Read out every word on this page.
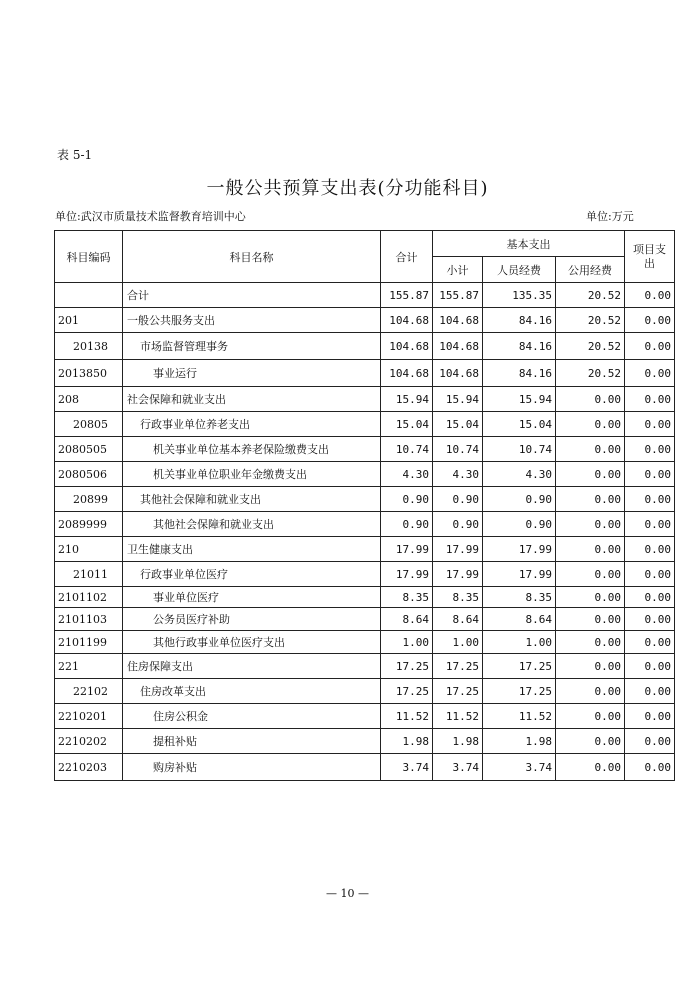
表 5-1
一般公共预算支出表(分功能科目)
单位:武汉市质量技术监督教育培训中心	单位:万元
科目编码	科目名称	合计	基本支出			项目支出
			小计	人员经费	公用经费	
	合计	155.87	155.87	135.35	20.52	0.00
201	一般公共服务支出	104.68	104.68	84.16	20.52	0.00
20138	市场监督管理事务	104.68	104.68	84.16	20.52	0.00
2013850	事业运行	104.68	104.68	84.16	20.52	0.00
208	社会保障和就业支出	15.94	15.94	15.94	0.00	0.00
20805	行政事业单位养老支出	15.04	15.04	15.04	0.00	0.00
2080505	机关事业单位基本养老保险缴费支出	10.74	10.74	10.74	0.00	0.00
2080506	机关事业单位职业年金缴费支出	4.30	4.30	4.30	0.00	0.00
20899	其他社会保障和就业支出	0.90	0.90	0.90	0.00	0.00
2089999	其他社会保障和就业支出	0.90	0.90	0.90	0.00	0.00
210	卫生健康支出	17.99	17.99	17.99	0.00	0.00
21011	行政事业单位医疗	17.99	17.99	17.99	0.00	0.00
2101102	事业单位医疗	8.35	8.35	8.35	0.00	0.00
2101103	公务员医疗补助	8.64	8.64	8.64	0.00	0.00
2101199	其他行政事业单位医疗支出	1.00	1.00	1.00	0.00	0.00
221	住房保障支出	17.25	17.25	17.25	0.00	0.00
22102	住房改革支出	17.25	17.25	17.25	0.00	0.00
2210201	住房公积金	11.52	11.52	11.52	0.00	0.00
2210202	提租补贴	1.98	1.98	1.98	0.00	0.00
2210203	购房补贴	3.74	3.74	3.74	0.00	0.00
— 10 —
